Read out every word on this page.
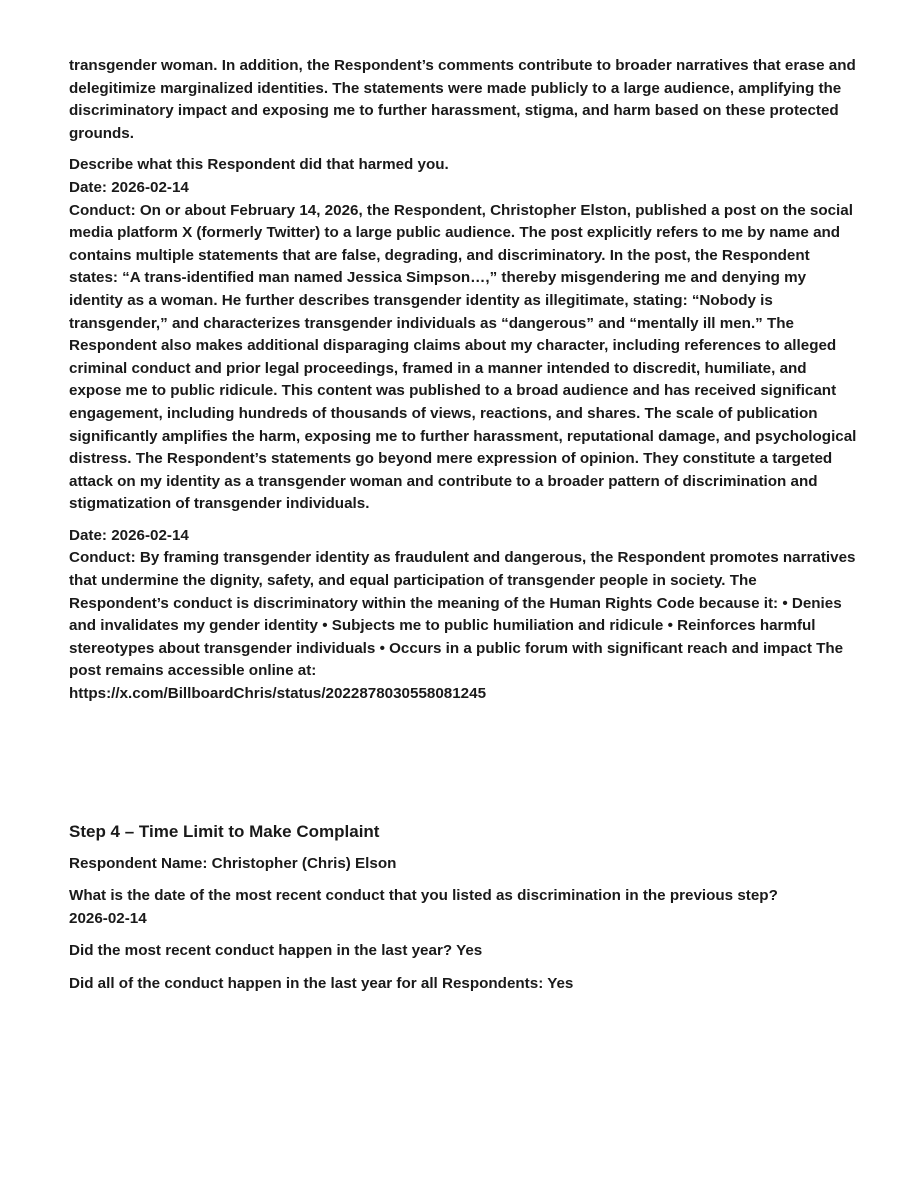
transgender woman. In addition, the Respondent’s comments contribute to broader narratives that erase and delegitimize marginalized identities. The statements were made publicly to a large audience, amplifying the discriminatory impact and exposing me to further harassment, stigma, and harm based on these protected grounds.

Describe what this Respondent did that harmed you.

Date: 2026-02-14

Conduct: On or about February 14, 2026, the Respondent, Christopher Elston, published a post on the social media platform X (formerly Twitter) to a large public audience. The post explicitly refers to me by name and contains multiple statements that are false, degrading, and discriminatory. In the post, the Respondent states: “A trans-identified man named Jessica Simpson…,” thereby misgendering me and denying my identity as a woman. He further describes transgender identity as illegitimate, stating: “Nobody is transgender,” and characterizes transgender individuals as “dangerous” and “mentally ill men.” The Respondent also makes additional disparaging claims about my character, including references to alleged criminal conduct and prior legal proceedings, framed in a manner intended to discredit, humiliate, and expose me to public ridicule. This content was published to a broad audience and has received significant engagement, including hundreds of thousands of views, reactions, and shares. The scale of publication significantly amplifies the harm, exposing me to further harassment, reputational damage, and psychological distress. The Respondent’s statements go beyond mere expression of opinion. They constitute a targeted attack on my identity as a transgender woman and contribute to a broader pattern of discrimination and stigmatization of transgender individuals.

Date: 2026-02-14

Conduct: By framing transgender identity as fraudulent and dangerous, the Respondent promotes narratives that undermine the dignity, safety, and equal participation of transgender people in society. The Respondent’s conduct is discriminatory within the meaning of the Human Rights Code because it: • Denies and invalidates my gender identity • Subjects me to public humiliation and ridicule • Reinforces harmful stereotypes about transgender individuals • Occurs in a public forum with significant reach and impact The post remains accessible online at:

https://x.com/BillboardChris/status/2022878030558081245

Step 4 – Time Limit to Make Complaint

Respondent Name: Christopher (Chris) Elson

What is the date of the most recent conduct that you listed as discrimination in the previous step?

2026-02-14

Did the most recent conduct happen in the last year? Yes

Did all of the conduct happen in the last year for all Respondents: Yes
